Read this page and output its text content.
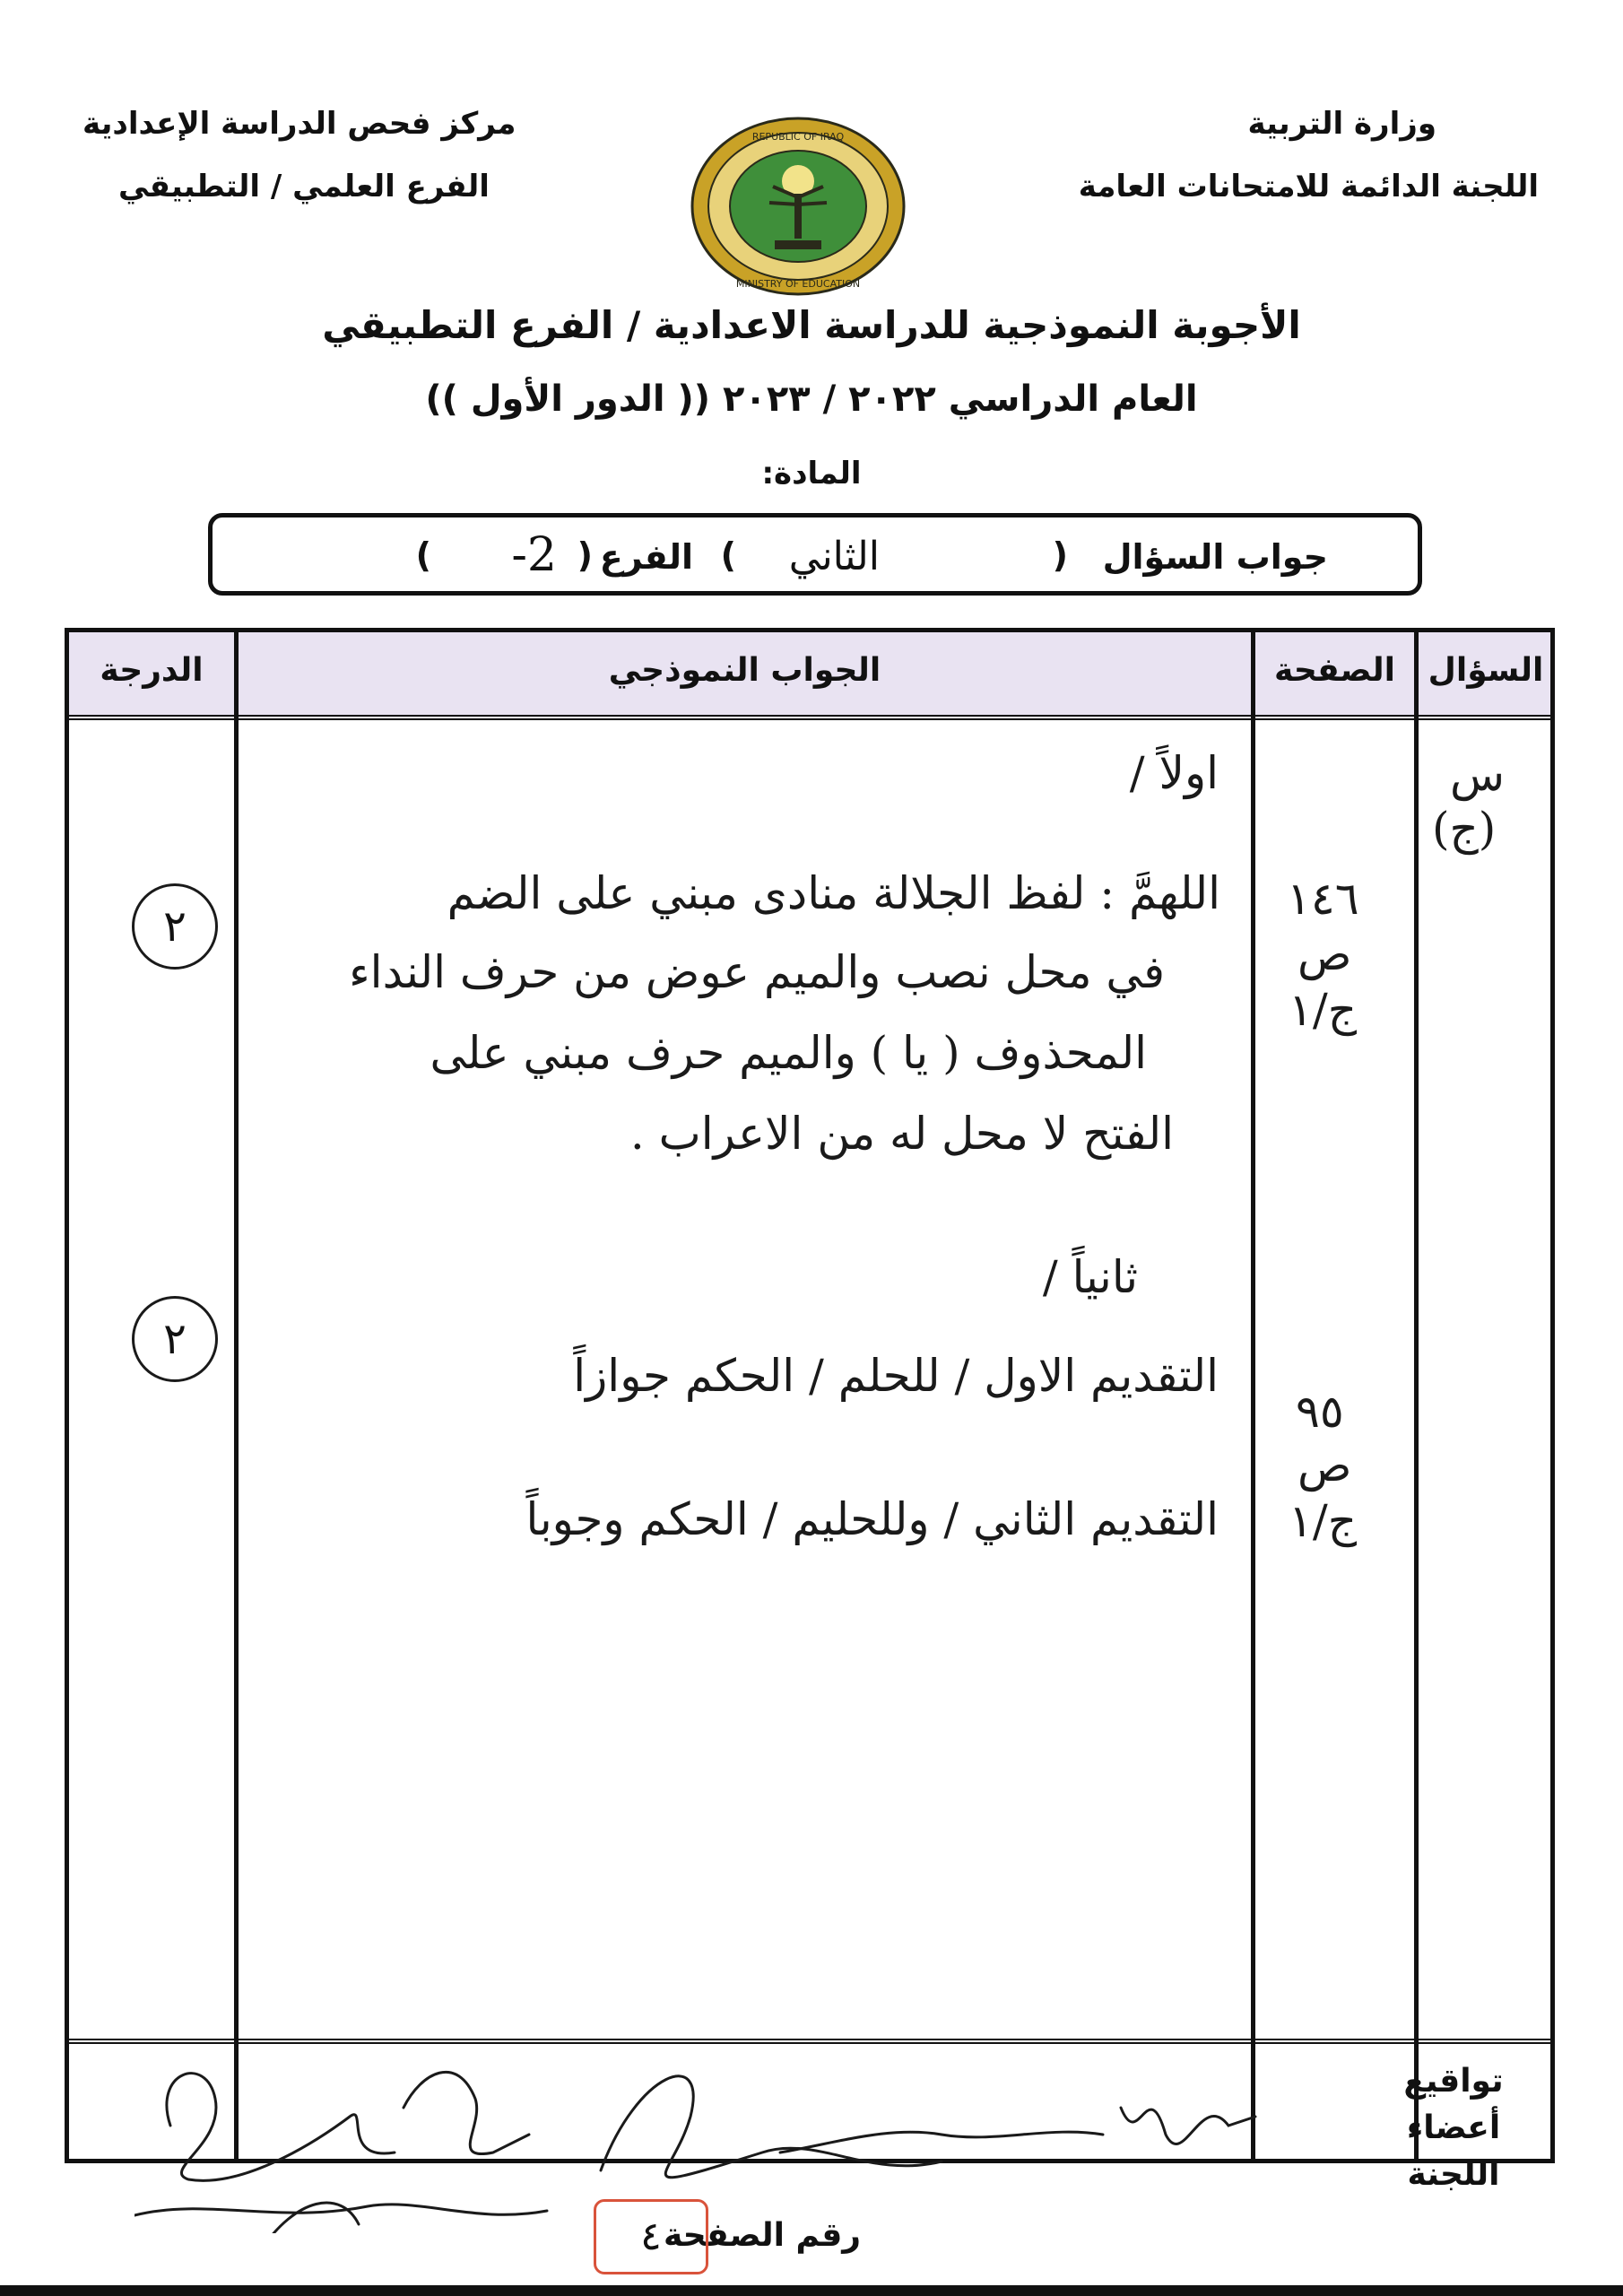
وزارة التربية
اللجنة الدائمة للامتحانات العامة
مركز فحص الدراسة الإعدادية
الفرع العلمي / التطبيقي
REPUBLIC OF IRAQ
MINISTRY OF EDUCATION
الأجوبة النموذجية للدراسة الاعدادية / الفرع التطبيقي
العام الدراسي ٢٠٢٢ / ٢٠٢٣ (( الدور الأول ))
المادة:
جواب السؤال
(
الثاني
)
الفرع
(
2-
)
السؤال
الصفحة
الجواب النموذجي
الدرجة
س
(ج)
١٤٦
ص
ج/١
٩٥
ص
ج/١
اولاً /
اللهمَّ : لفظ الجلالة منادى مبني على الضم
في محل نصب والميم عوض من حرف النداء
المحذوف ( يا ) والميم حرف مبني على
الفتح لا محل له من الاعراب .
ثانياً /
التقديم الاول / للحلم / الحكم جوازاً
التقديم الثاني / وللحليم / الحكم وجوباً
٢
٢
تواقيع أعضاء اللجنة
رقم الصفحة
٤
